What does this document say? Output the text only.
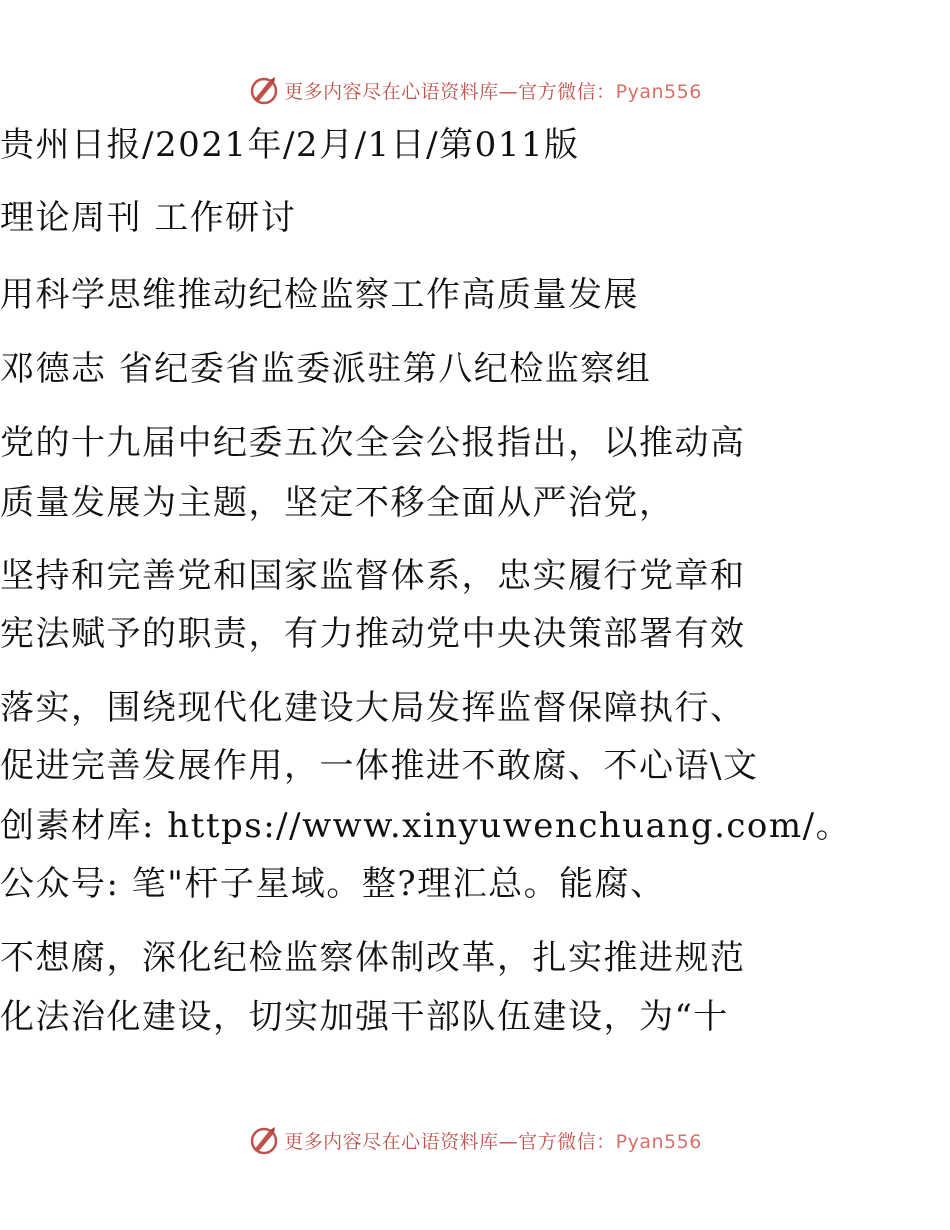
更多内容尽在心语资料库—官方微信：Pyan556
贵州日报/2021年/2月/1日/第011版
理论周刊 工作研讨
用科学思维推动纪检监察工作高质量发展
邓德志 省纪委省监委派驻第八纪检监察组
党的十九届中纪委五次全会公报指出，以推动高
质量发展为主题，坚定不移全面从严治党，
坚持和完善党和国家监督体系，忠实履行党章和
宪法赋予的职责，有力推动党中央决策部署有效
落实，围绕现代化建设大局发挥监督保障执行、
促进完善发展作用，一体推进不敢腐、不心语\文
创素材库: https://www.xinyuwenchuang.com/。
公众号: 笔"杆子星域。整?理汇总。能腐、
不想腐，深化纪检监察体制改革，扎实推进规范
化法治化建设，切实加强干部队伍建设，为“十
更多内容尽在心语资料库—官方微信：Pyan556
